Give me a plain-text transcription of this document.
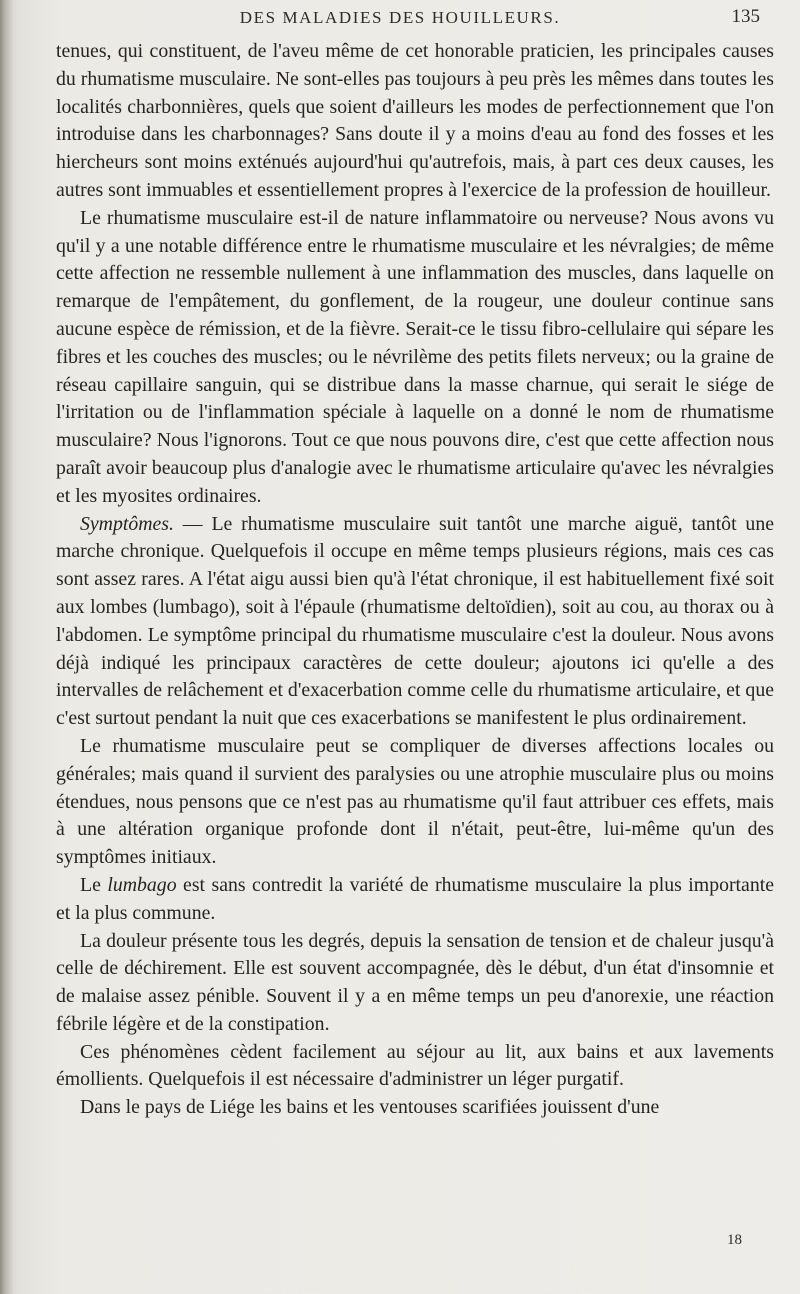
DES MALADIES DES HOUILLEURS.	135

tenues, qui constituent, de l'aveu même de cet honorable praticien, les principales causes du rhumatisme musculaire. Ne sont-elles pas toujours à peu près les mêmes dans toutes les localités charbonnières, quels que soient d'ailleurs les modes de perfectionnement que l'on introduise dans les charbonnages? Sans doute il y a moins d'eau au fond des fosses et les hiercheurs sont moins exténués aujourd'hui qu'autrefois, mais, à part ces deux causes, les autres sont immuables et essentiellement propres à l'exercice de la profession de houilleur.

Le rhumatisme musculaire est-il de nature inflammatoire ou nerveuse? Nous avons vu qu'il y a une notable différence entre le rhumatisme musculaire et les névralgies; de même cette affection ne ressemble nullement à une inflammation des muscles, dans laquelle on remarque de l'empâtement, du gonflement, de la rougeur, une douleur continue sans aucune espèce de rémission, et de la fièvre. Serait-ce le tissu fibro-cellulaire qui sépare les fibres et les couches des muscles; ou le névrilème des petits filets nerveux; ou la graine de réseau capillaire sanguin, qui se distribue dans la masse charnue, qui serait le siége de l'irritation ou de l'inflammation spéciale à laquelle on a donné le nom de rhumatisme musculaire? Nous l'ignorons. Tout ce que nous pouvons dire, c'est que cette affection nous paraît avoir beaucoup plus d'analogie avec le rhumatisme articulaire qu'avec les névralgies et les myosites ordinaires.

Symptômes. — Le rhumatisme musculaire suit tantôt une marche aiguë, tantôt une marche chronique. Quelquefois il occupe en même temps plusieurs régions, mais ces cas sont assez rares. A l'état aigu aussi bien qu'à l'état chronique, il est habituellement fixé soit aux lombes (lumbago), soit à l'épaule (rhumatisme deltoïdien), soit au cou, au thorax ou à l'abdomen. Le symptôme principal du rhumatisme musculaire c'est la douleur. Nous avons déjà indiqué les principaux caractères de cette douleur; ajoutons ici qu'elle a des intervalles de relâchement et d'exacerbation comme celle du rhumatisme articulaire, et que c'est surtout pendant la nuit que ces exacerbations se manifestent le plus ordinairement.

Le rhumatisme musculaire peut se compliquer de diverses affections locales ou générales; mais quand il survient des paralysies ou une atrophie musculaire plus ou moins étendues, nous pensons que ce n'est pas au rhumatisme qu'il faut attribuer ces effets, mais à une altération organique profonde dont il n'était, peut-être, lui-même qu'un des symptômes initiaux.

Le lumbago est sans contredit la variété de rhumatisme musculaire la plus importante et la plus commune.

La douleur présente tous les degrés, depuis la sensation de tension et de chaleur jusqu'à celle de déchirement. Elle est souvent accompagnée, dès le début, d'un état d'insomnie et de malaise assez pénible. Souvent il y a en même temps un peu d'anorexie, une réaction fébrile légère et de la constipation.

Ces phénomènes cèdent facilement au séjour au lit, aux bains et aux lavements émollients. Quelquefois il est nécessaire d'administrer un léger purgatif.

Dans le pays de Liége les bains et les ventouses scarifiées jouissent d'une

18
